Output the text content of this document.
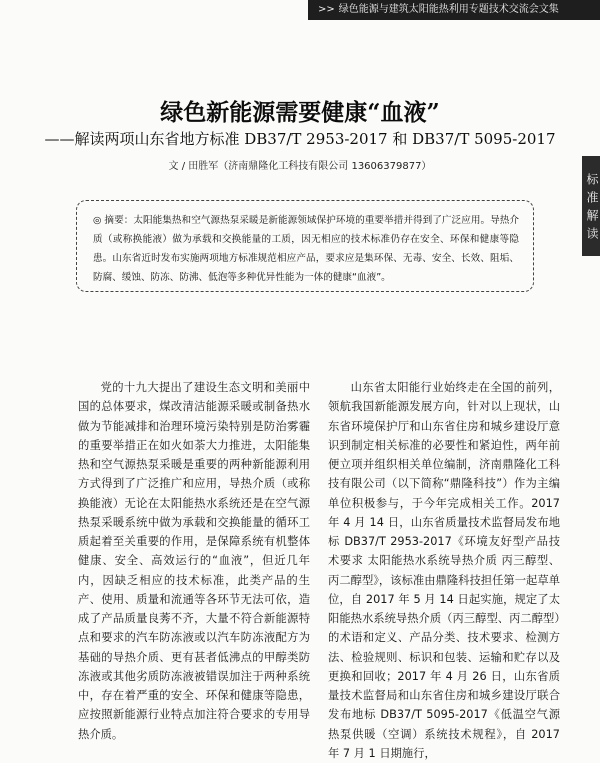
>> 绿色能源与建筑太阳能热利用专题技术交流会文集
标准解读
绿色新能源需要健康“血液”
——解读两项山东省地方标准 DB37/T 2953-2017 和 DB37/T 5095-2017
文 / 田胜军（济南鼎隆化工科技有限公司 13606379877）
◎ 摘要：太阳能集热和空气源热泵采暖是新能源领域保护环境的重要举措并得到了广泛应用。导热介质（或称换能液）做为承载和交换能量的工质，因无相应的技术标准仍存在安全、环保和健康等隐患。山东省近时发布实施两项地方标准规范相应产品，要求应是集环保、无毒、安全、长效、阻垢、防腐、缓蚀、防冻、防沸、低泡等多种优异性能为一体的健康“血液”。
党的十九大提出了建设生态文明和美丽中国的总体要求，煤改清洁能源采暖或制备热水做为节能减排和治理环境污染特别是防治雾霾的重要举措正在如火如荼大力推进，太阳能集热和空气源热泵采暖是重要的两种新能源利用方式得到了广泛推广和应用，导热介质（或称换能液）无论在太阳能热水系统还是在空气源热泵采暖系统中做为承载和交换能量的循环工质起着至关重要的作用，是保障系统有机整体健康、安全、高效运行的“血液”，但近几年内，因缺乏相应的技术标准，此类产品的生产、使用、质量和流通等各环节无法可依，造成了产品质量良莠不齐，大量不符合新能源特点和要求的汽车防冻液或以汽车防冻液配方为基础的导热介质、更有甚者低沸点的甲醇类防冻液或其他劣质防冻液被错误加注于两种系统中，存在着严重的安全、环保和健康等隐患，应按照新能源行业特点加注符合要求的专用导热介质。
山东省太阳能行业始终走在全国的前列，领航我国新能源发展方向，针对以上现状，山东省环境保护厅和山东省住房和城乡建设厅意识到制定相关标准的必要性和紧迫性，两年前便立项并组织相关单位编制，济南鼎隆化工科技有限公司（以下简称“鼎隆科技”）作为主编单位积极参与，于今年完成相关工作。2017 年 4 月 14 日，山东省质量技术监督局发布地标 DB37/T 2953-2017《环境友好型产品技术要求 太阳能热水系统导热介质 丙三醇型、丙二醇型》，该标准由鼎隆科技担任第一起草单位，自 2017 年 5 月 14 日起实施，规定了太阳能热水系统导热介质（丙三醇型、丙二醇型）的术语和定义、产品分类、技术要求、检测方法、检验规则、标识和包装、运输和贮存以及更换和回收；2017 年 4 月 26 日，山东省质量技术监督局和山东省住房和城乡建设厅联合发布地标 DB37/T 5095-2017《低温空气源热泵供暖（空调）系统技术规程》，自 2017 年 7 月 1 日期施行，
